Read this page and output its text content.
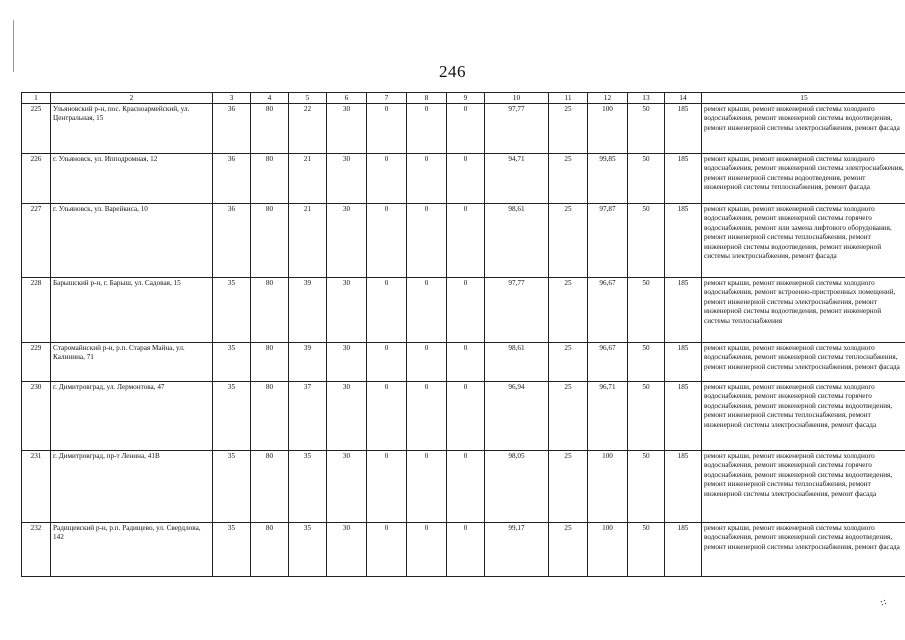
246
1	2	3	4	5	6	7	8	9	10	11	12	13	14	15
225	Ульяновский р-н, пос. Красноармейский, ул. Центральная, 15	36	80	22	30	0	0	0	97,77	25	100	50	185	ремонт крыши, ремонт инженерной системы холодного водоснабжения, ремонт инженерной системы водоотведения, ремонт инженерной системы электроснабжения, ремонт фасада
226	г. Ульяновск, ул. Ипподромная, 12	36	80	21	30	0	0	0	94,71	25	99,85	50	185	ремонт крыши, ремонт инженерной системы холодного водоснабжения, ремонт инженерной системы электроснабжения, ремонт инженерной системы водоотведения, ремонт инженерной системы теплоснабжения, ремонт фасада
227	г. Ульяновск, ул. Варейкиса, 10	36	80	21	30	0	0	0	98,61	25	97,87	50	185	ремонт крыши, ремонт инженерной системы холодного водоснабжения, ремонт инженерной системы горячего водоснабжения, ремонт или замена лифтового оборудования, ремонт инженерной системы теплоснабжения, ремонт инженерной системы водоотведения, ремонт инженерной системы электроснабжения, ремонт фасада
228	Барышский р-н, г. Барыш, ул. Садовая, 15	35	80	39	30	0	0	0	97,77	25	96,67	50	185	ремонт крыши, ремонт инженерной системы холодного водоснабжения, ремонт встроенно-пристроенных помещений, ремонт инженерной системы электроснабжения, ремонт инженерной системы водоотведения, ремонт инженерной системы теплоснабжения
229	Старомайнский р-н, р.п. Старая Майна, ул. Калинина, 71	35	80	39	30	0	0	0	98,61	25	96,67	50	185	ремонт крыши, ремонт инженерной системы холодного водоснабжения, ремонт инженерной системы теплоснабжения, ремонт инженерной системы электроснабжения, ремонт фасада
230	г. Димитровград, ул. Лермонтова, 47	35	80	37	30	0	0	0	96,94	25	96,71	50	185	ремонт крыши, ремонт инженерной системы холодного водоснабжения, ремонт инженерной системы горячего водоснабжения, ремонт инженерной системы водоотведения, ремонт инженерной системы теплоснабжения, ремонт инженерной системы электроснабжения, ремонт фасада
231	г. Димитровград, пр-т Ленина, 41В	35	80	35	30	0	0	0	98,05	25	100	50	185	ремонт крыши, ремонт инженерной системы холодного водоснабжения, ремонт инженерной системы горячего водоснабжения, ремонт инженерной системы водоотведения, ремонт инженерной системы теплоснабжения, ремонт инженерной системы электроснабжения, ремонт фасада
232	Радищевский р-н, р.п. Радищево, ул. Свердлова, 142	35	80	35	30	0	0	0	99,17	25	100	50	185	ремонт крыши, ремонт инженерной системы холодного водоснабжения, ремонт инженерной системы водоотведения, ремонт инженерной системы электроснабжения, ремонт фасада
⁘
